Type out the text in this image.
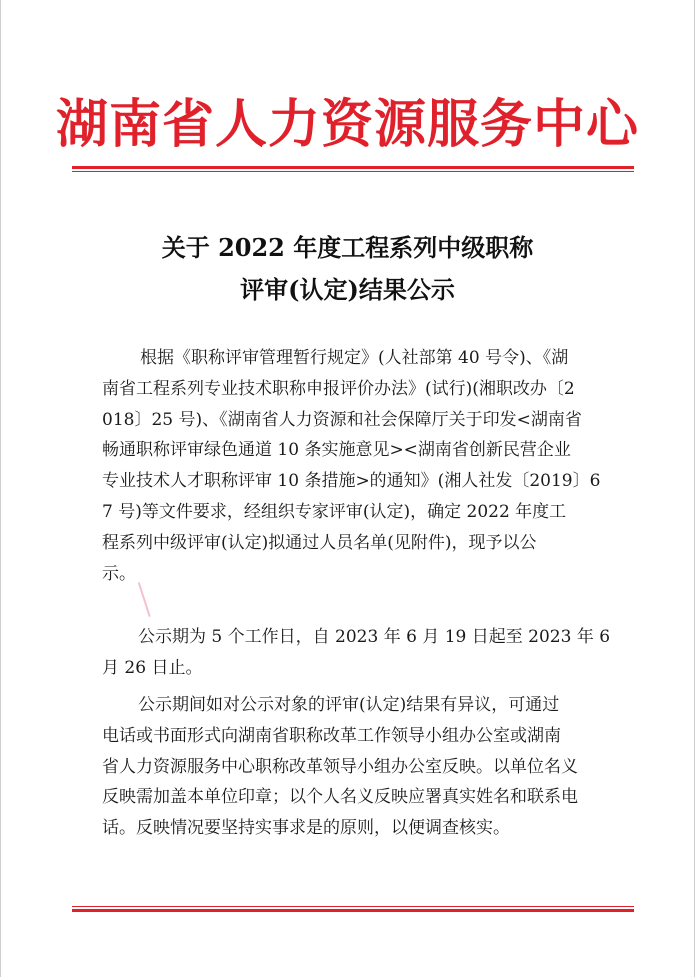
湖南省人力资源服务中心
关于 2022 年度工程系列中级职称
评审(认定)结果公示
根据《职称评审管理暂行规定》(人社部第 40 号令)、《湖
南省工程系列专业技术职称申报评价办法》(试行)(湘职改办〔2
018〕25 号)、《湖南省人力资源和社会保障厅关于印发<湖南省
畅通职称评审绿色通道 10 条实施意见><湖南省创新民营企业
专业技术人才职称评审 10 条措施>的通知》(湘人社发〔2019〕6
7 号)等文件要求，经组织专家评审(认定)，确定 2022 年度工
程系列中级评审(认定)拟通过人员名单(见附件)，现予以公
示。
公示期为 5 个工作日，自 2023 年 6 月 19 日起至 2023 年 6
月 26 日止。
公示期间如对公示对象的评审(认定)结果有异议，可通过
电话或书面形式向湖南省职称改革工作领导小组办公室或湖南
省人力资源服务中心职称改革领导小组办公室反映。以单位名义
反映需加盖本单位印章；以个人名义反映应署真实姓名和联系电
话。反映情况要坚持实事求是的原则，以便调查核实。
